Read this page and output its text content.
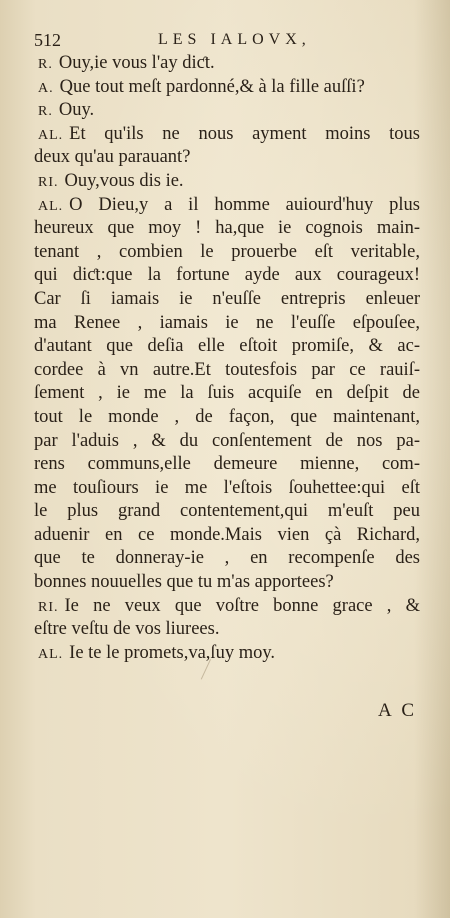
512	LES IALOVX,
R. Ouy,ie vous l'ay diƈt.
A. Que tout meſt pardonné,& à la fille auſſi?
R. Ouy.
AL. Et qu'ils ne nous ayment moins tous
deux qu'au parauant?
RI. Ouy,vous dis ie.
AL. O Dieu,y a il homme auiourd'huy plus
heureux que moy ! ha,que ie cognois main-
tenant , combien le prouerbe eſt veritable,
qui diƈt:que la fortune ayde aux courageux!
Car ſi iamais ie n'euſſe entrepris enleuer
ma Renee , iamais ie ne l'euſſe eſpouſee,
d'autant que deſia elle eſtoit promiſe, & ac-
cordee à vn autre.Et toutesfois par ce rauiſ-
ſement , ie me la ſuis acquiſe en deſpit de
tout le monde , de façon, que maintenant,
par l'aduis , & du conſentement de nos pa-
rens communs,elle demeure mienne, com-
me touſiours ie me l'eſtois ſouhettee:qui eſt
le plus grand contentement,qui m'euſt peu
aduenir en ce monde.Mais vien çà Richard,
que te donneray-ie , en recompenſe des
bonnes nouuelles que tu m'as apportees?
RI. Ie ne veux que voſtre bonne grace , &
eſtre veſtu de vos liurees.
AL. Ie te le promets,va,ſuy moy.
A C
